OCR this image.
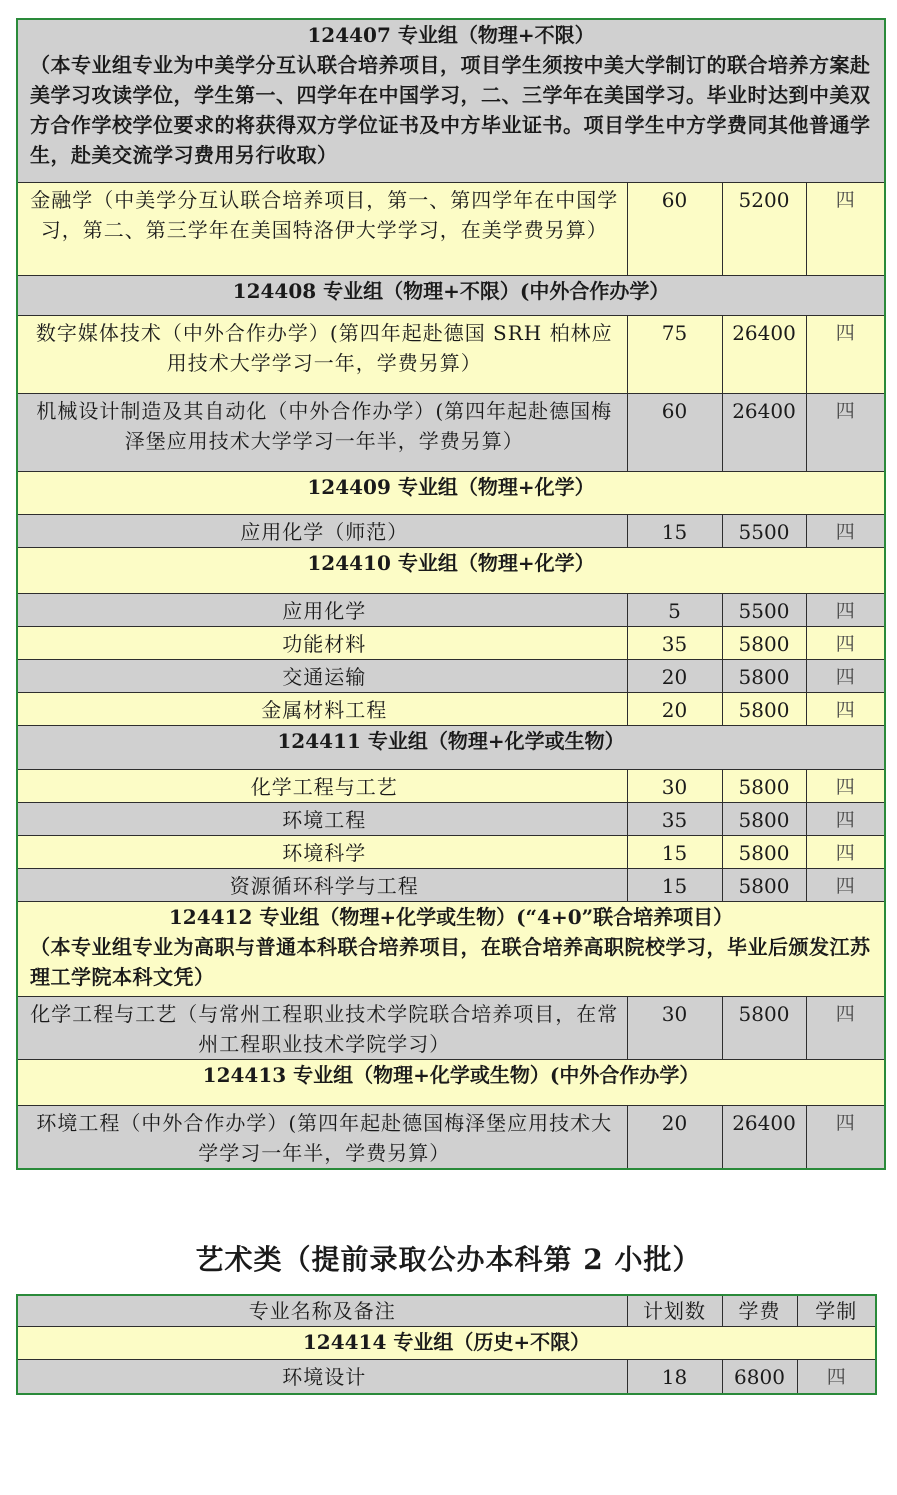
124407 专业组（物理+不限）
（本专业组专业为中美学分互认联合培养项目，项目学生须按中美大学制订的联合培养方案赴美学习攻读学位，学生第一、四学年在中国学习，二、三学年在美国学习。毕业时达到中美双方合作学校学位要求的将获得双方学位证书及中方毕业证书。项目学生中方学费同其他普通学生，赴美交流学习费用另行收取）			

金融学（中美学分互认联合培养项目，第一、第四学年在中国学习，第二、第三学年在美国特洛伊大学学习，在美学费另算）	60	5200	四

124408 专业组（物理+不限）(中外合作办学）			

数字媒体技术（中外合作办学）(第四年起赴德国 SRH 柏林应用技术大学学习一年，学费另算）	75	26400	四
机械设计制造及其自动化（中外合作办学）(第四年起赴德国梅泽堡应用技术大学学习一年半，学费另算）	60	26400	四

124409 专业组（物理+化学）			

应用化学（师范）	15	5500	四

124410 专业组（物理+化学）			

应用化学	5	5500	四
功能材料	35	5800	四
交通运输	20	5800	四
金属材料工程	20	5800	四

124411 专业组（物理+化学或生物）			

化学工程与工艺	30	5800	四
环境工程	35	5800	四
环境科学	15	5800	四
资源循环科学与工程	15	5800	四

124412 专业组（物理+化学或生物）(“4+0”联合培养项目）
（本专业组专业为高职与普通本科联合培养项目，在联合培养高职院校学习，毕业后颁发江苏理工学院本科文凭）			

化学工程与工艺（与常州工程职业技术学院联合培养项目，在常州工程职业技术学院学习）	30	5800	四

124413 专业组（物理+化学或生物）(中外合作办学）			

环境工程（中外合作办学）(第四年起赴德国梅泽堡应用技术大学学习一年半，学费另算）	20	26400	四
艺术类（提前录取公办本科第 2 小批）
专业名称及备注	计划数	学费	学制

124414 专业组（历史+不限）			

环境设计	18	6800	四
